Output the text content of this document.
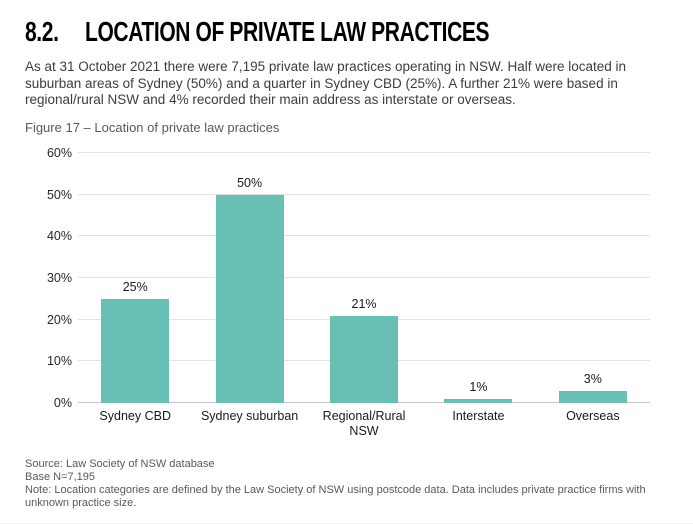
8.2. LOCATION OF PRIVATE LAW PRACTICES

As at 31 October 2021 there were 7,195 private law practices operating in NSW. Half were located in suburban areas of Sydney (50%) and a quarter in Sydney CBD (25%). A further 21% were based in regional/rural NSW and 4% recorded their main address as interstate or overseas.

Figure 17 – Location of private law practices
0%
10%
20%
30%
40%
50%
60%
25%
50%
21%
1%
3%
Sydney CBD	Sydney suburban	Regional/Rural NSW
Interstate	Overseas
Source: Law Society of NSW database
Base N=7,195
Note: Location categories are defined by the Law Society of NSW using postcode data. Data includes private practice firms with unknown practice size.
